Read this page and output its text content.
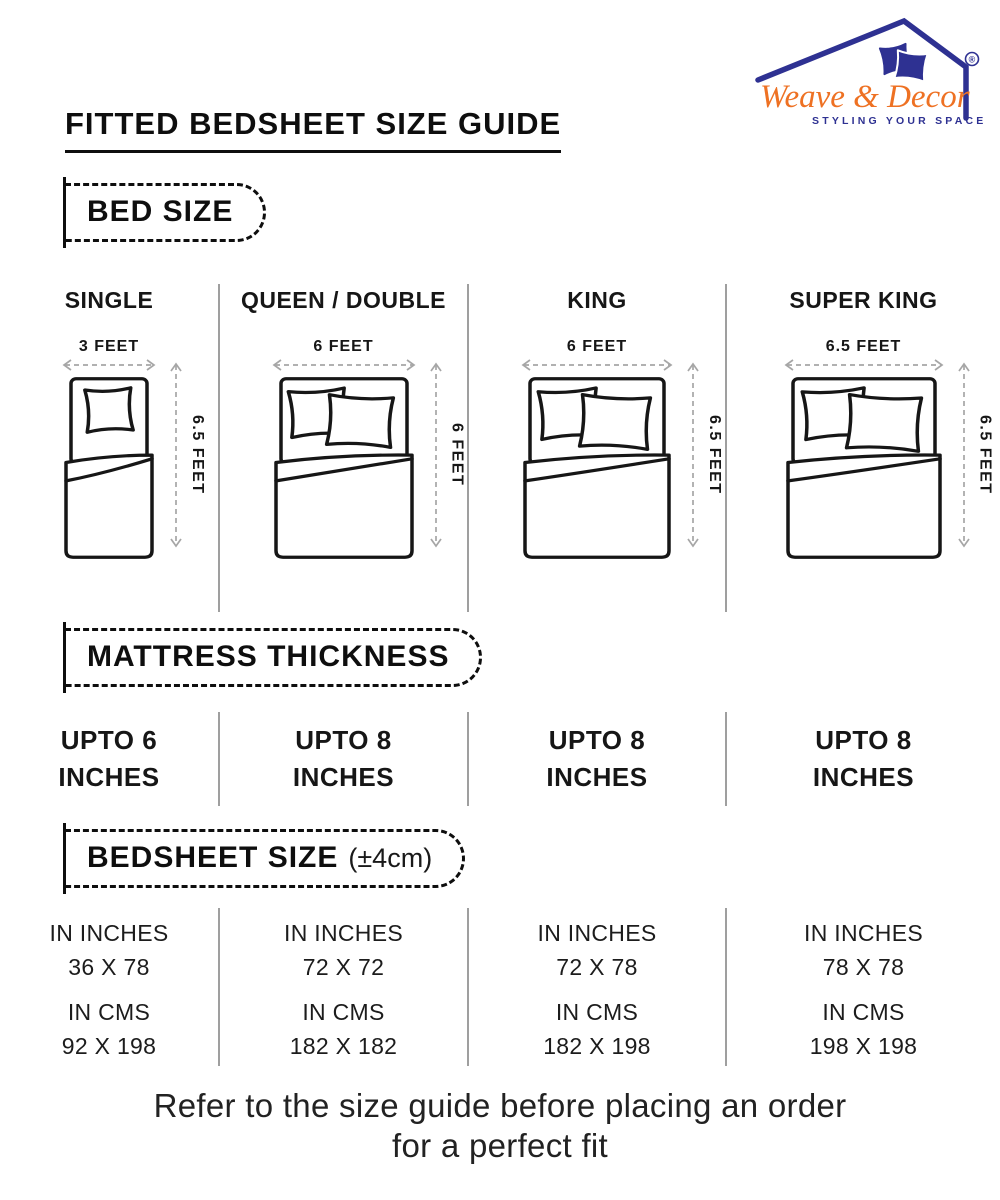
®
Weave & Decor
STYLING YOUR SPACE
FITTED BEDSHEET SIZE GUIDE
BED SIZE
SINGLE
3 FEET
6.5 FEET
QUEEN / DOUBLE
6 FEET
6 FEET
KING
6 FEET
6.5 FEET
SUPER KING
6.5 FEET
6.5 FEET
MATTRESS THICKNESS
UPTO 6 INCHES
UPTO 8 INCHES
UPTO 8 INCHES
UPTO 8 INCHES
BEDSHEET SIZE (±4cm)
IN INCHES
36 X 78
IN CMS
92 X 198
IN INCHES
72 X 72
IN CMS
182 X 182
IN INCHES
72 X 78
IN CMS
182 X 198
IN INCHES
78 X 78
IN CMS
198 X 198
Refer to the size guide before placing an order
for a perfect fit
